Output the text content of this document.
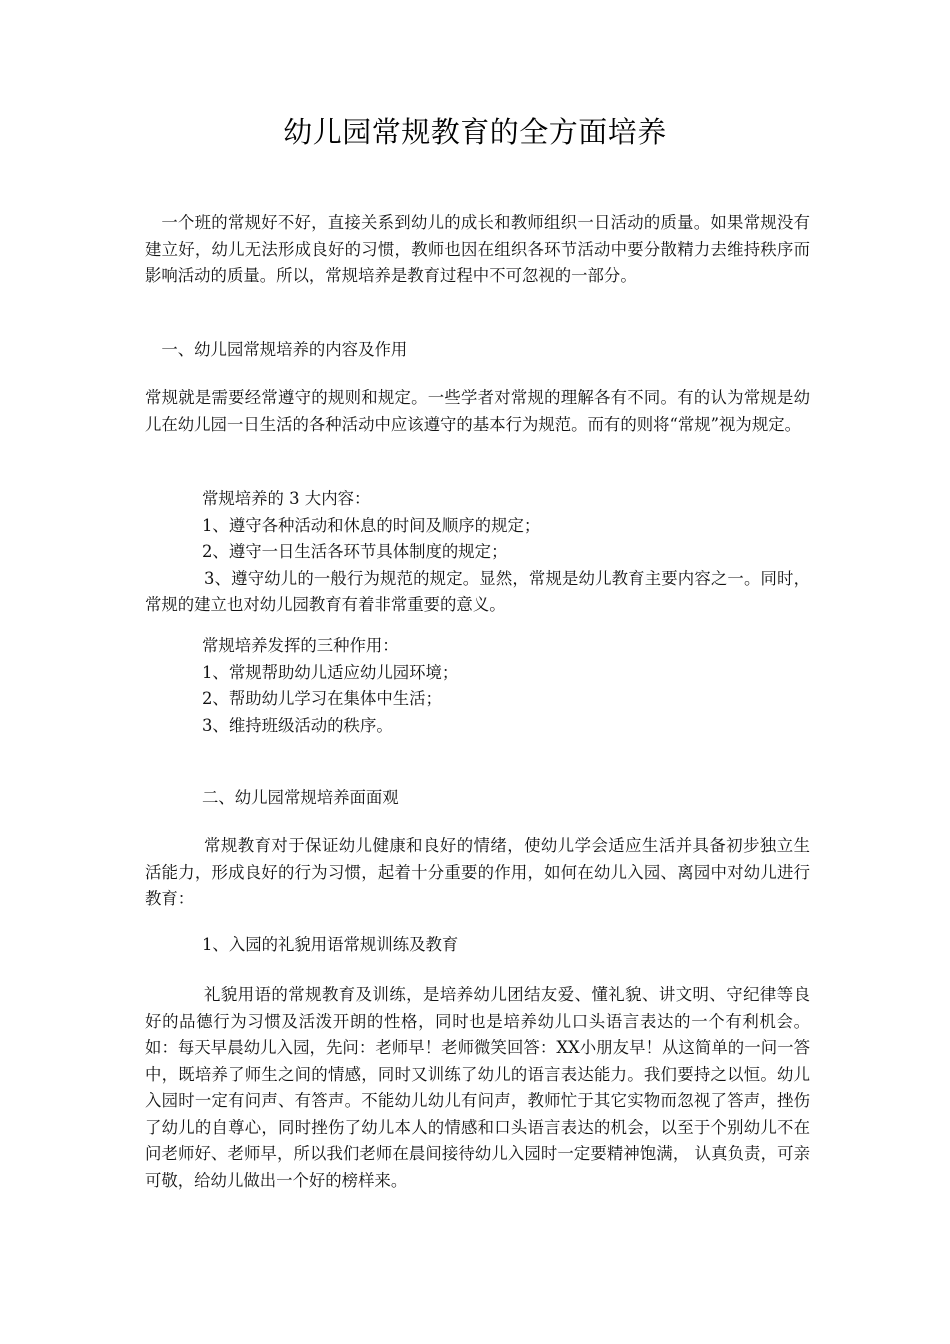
幼儿园常规教育的全方面培养

一个班的常规好不好，直接关系到幼儿的成长和教师组织一日活动的质量。如果常规没有建立好，幼儿无法形成良好的习惯，教师也因在组织各环节活动中要分散精力去维持秩序而影响活动的质量。所以，常规培养是教育过程中不可忽视的一部分。

一、幼儿园常规培养的内容及作用

常规就是需要经常遵守的规则和规定。一些学者对常规的理解各有不同。有的认为常规是幼儿在幼儿园一日生活的各种活动中应该遵守的基本行为规范。而有的则将“常规”视为规定。

常规培养的 3 大内容：
1、遵守各种活动和休息的时间及顺序的规定；
2、遵守一日生活各环节具体制度的规定；
3、遵守幼儿的一般行为规范的规定。显然，常规是幼儿教育主要内容之一。同时，常规的建立也对幼儿园教育有着非常重要的意义。
常规培养发挥的三种作用：
1、常规帮助幼儿适应幼儿园环境；
2、帮助幼儿学习在集体中生活；
3、维持班级活动的秩序。

二、幼儿园常规培养面面观

常规教育对于保证幼儿健康和良好的情绪，使幼儿学会适应生活并具备初步独立生活能力，形成良好的行为习惯，起着十分重要的作用，如何在幼儿入园、离园中对幼儿进行教育：

1、入园的礼貌用语常规训练及教育

礼貌用语的常规教育及训练，是培养幼儿团结友爱、懂礼貌、讲文明、守纪律等良好的品德行为习惯及活泼开朗的性格，同时也是培养幼儿口头语言表达的一个有利机会。如：每天早晨幼儿入园，先问：老师早！老师微笑回答：XX小朋友早！从这简单的一问一答中，既培养了师生之间的情感，同时又训练了幼儿的语言表达能力。我们要持之以恒。幼儿入园时一定有问声、有答声。不能幼儿幼儿有问声，教师忙于其它实物而忽视了答声，挫伤了幼儿的自尊心，同时挫伤了幼儿本人的情感和口头语言表达的机会，以至于个别幼儿不在问老师好、老师早，所以我们老师在晨间接待幼儿入园时一定要精神饱满， 认真负责，可亲可敬，给幼儿做出一个好的榜样来。
